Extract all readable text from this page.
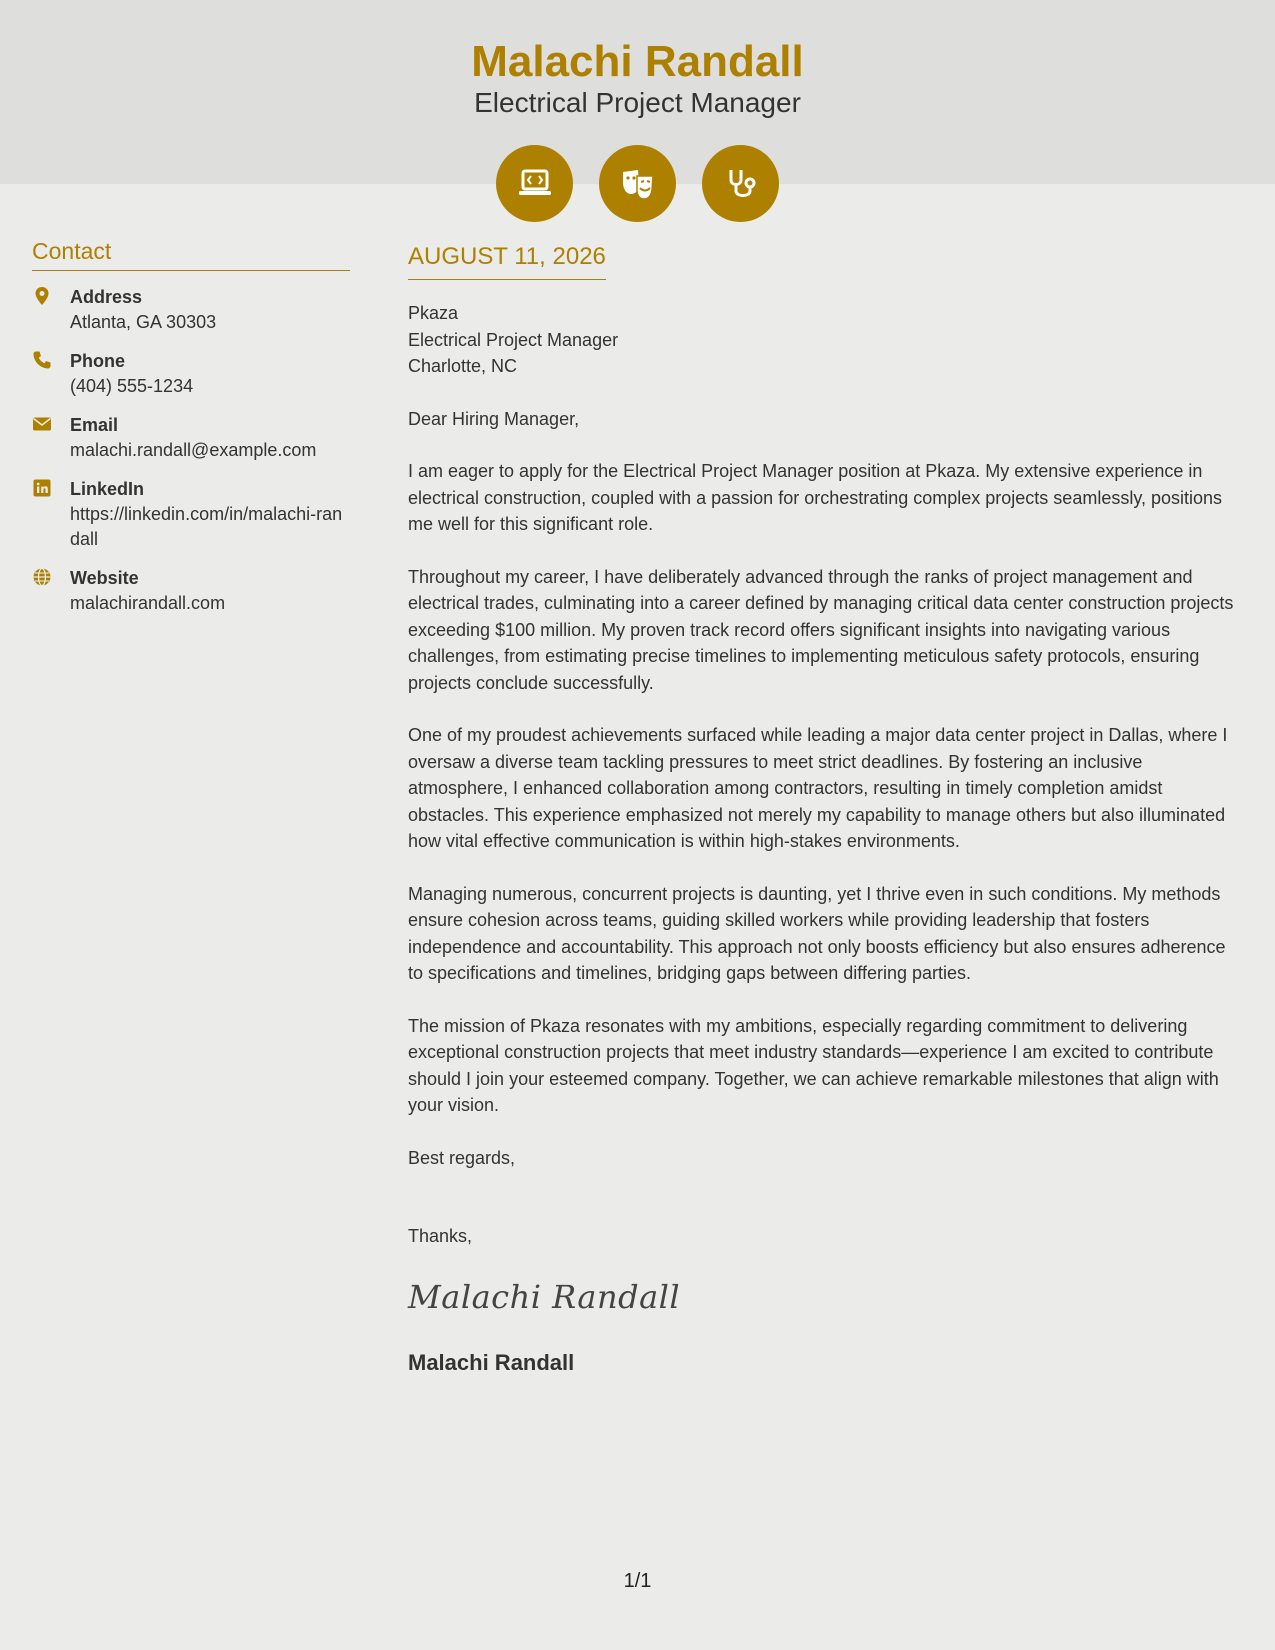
Malachi Randall
Electrical Project Manager
Contact
Address
Atlanta, GA 30303
Phone
(404) 555-1234
Email
malachi.randall@example.com
LinkedIn
https://linkedin.com/in/malachi-randall
Website
malachirandall.com
AUGUST 11, 2026
Pkaza
Electrical Project Manager
Charlotte, NC

Dear Hiring Manager,

I am eager to apply for the Electrical Project Manager position at Pkaza. My extensive experience in electrical construction, coupled with a passion for orchestrating complex projects seamlessly, positions me well for this significant role.

Throughout my career, I have deliberately advanced through the ranks of project management and electrical trades, culminating into a career defined by managing critical data center construction projects exceeding $100 million. My proven track record offers significant insights into navigating various challenges, from estimating precise timelines to implementing meticulous safety protocols, ensuring projects conclude successfully.

One of my proudest achievements surfaced while leading a major data center project in Dallas, where I oversaw a diverse team tackling pressures to meet strict deadlines. By fostering an inclusive atmosphere, I enhanced collaboration among contractors, resulting in timely completion amidst obstacles. This experience emphasized not merely my capability to manage others but also illuminated how vital effective communication is within high-stakes environments.

Managing numerous, concurrent projects is daunting, yet I thrive even in such conditions. My methods ensure cohesion across teams, guiding skilled workers while providing leadership that fosters independence and accountability. This approach not only boosts efficiency but also ensures adherence to specifications and timelines, bridging gaps between differing parties.

The mission of Pkaza resonates with my ambitions, especially regarding commitment to delivering exceptional construction projects that meet industry standards—experience I am excited to contribute should I join your esteemed company. Together, we can achieve remarkable milestones that align with your vision.

Best regards,

Thanks,

Malachi Randall
Malachi Randall
1/1
